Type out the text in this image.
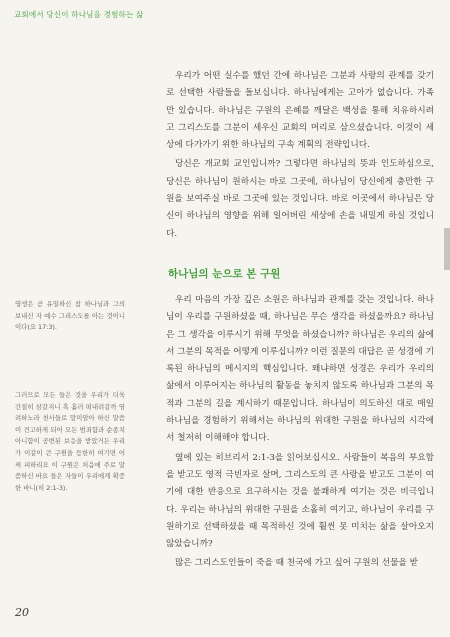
교회에서 당신이 하나님을 경험하는 삶

우리가 어떤 실수를 했던 간에 하나님은 그분과 사랑의 관계를 갖기로 선택한 사람들을 돌보십니다. 하나님에게는 고아가 없습니다. 가족만 있습니다. 하나님은 구원의 은혜를 깨달은 백성을 통해 치유하시려고 그리스도를 그분이 세우신 교회의 머리로 삼으셨습니다. 이것이 세상에 다가가기 위한 하나님의 구속 계획의 전략입니다.

당신은 개교회 교인입니까? 그렇다면 하나님의 뜻과 인도하심으로, 당신은 하나님이 원하시는 바로 그곳에, 하나님이 당신에게 충만한 구원을 보여주실 바로 그곳에 있는 것입니다. 바로 이곳에서 하나님은 당신이 하나님의 영향을 위해 일어버린 세상에 손을 내밀게 하실 것입니다.

하나님의 눈으로 본 구원

우리 마음의 가장 깊은 소원은 하나님과 관계를 갖는 것입니다. 하나님이 우리를 구원하셨을 때, 하나님은 무슨 생각을 하셨을까요? 하나님은 그 생각을 이루시기 위해 무엇을 하셨습니까? 하나님은 우리의 삶에서 그분의 목적을 어떻게 이루십니까? 이런 질문의 대답은 곧 성경에 기록된 하나님의 메시지의 핵심입니다. 왜냐하면 성경은 우리가 우리의 삶에서 이루어지는 하나님의 활동을 놓치지 않도록 하나님과 그분의 목적과 그분의 길을 계시하기 때문입니다. 하나님이 의도하신 대로 매일 하나님을 경험하기 위해서는 하나님의 위대한 구원을 하나님의 시각에서 철저히 이해해야 합니다.

옆에 있는 히브리서 2:1-3을 읽어보십시오. 사람들이 복음의 부요함을 받고도 영적 극빈자로 살며, 그리스도의 큰 사랑을 받고도 그분이 여기에 대한 반응으로 요구하시는 것을 불쾌하게 여기는 것은 비극입니다. 우리는 하나님의 위대한 구원을 소홀히 여기고, 하나님이 우리를 구원하기로 선택하셨을 때 목적하신 것에 훨씬 못 미치는 삶을 살아오지 않았습니까?

많은 그리스도인들이 죽을 때 천국에 가고 싶어 구원의 선물을 받

영생은 곧 유일하신 참 하나님과 그의 보내신 자 예수 그리스도를 아는 것이니이다(요 17:3).

그러므로 모든 들은 것을 우리가 더욱 간절히 삼갈지니 혹 흘러 떠내려갈까 염려하노라 천사들로 말미암아 하신 말씀이 견고하게 되어 모든 범죄함과 순종치 아니함이 공변된 보응을 받았거든 우리가 이같이 큰 구원을 등한히 여기면 어찌 피하리요 이 구원은 처음에 주로 말씀하신 바요 들은 자들이 우리에게 확증한 바니(히 2:1-3).

20
